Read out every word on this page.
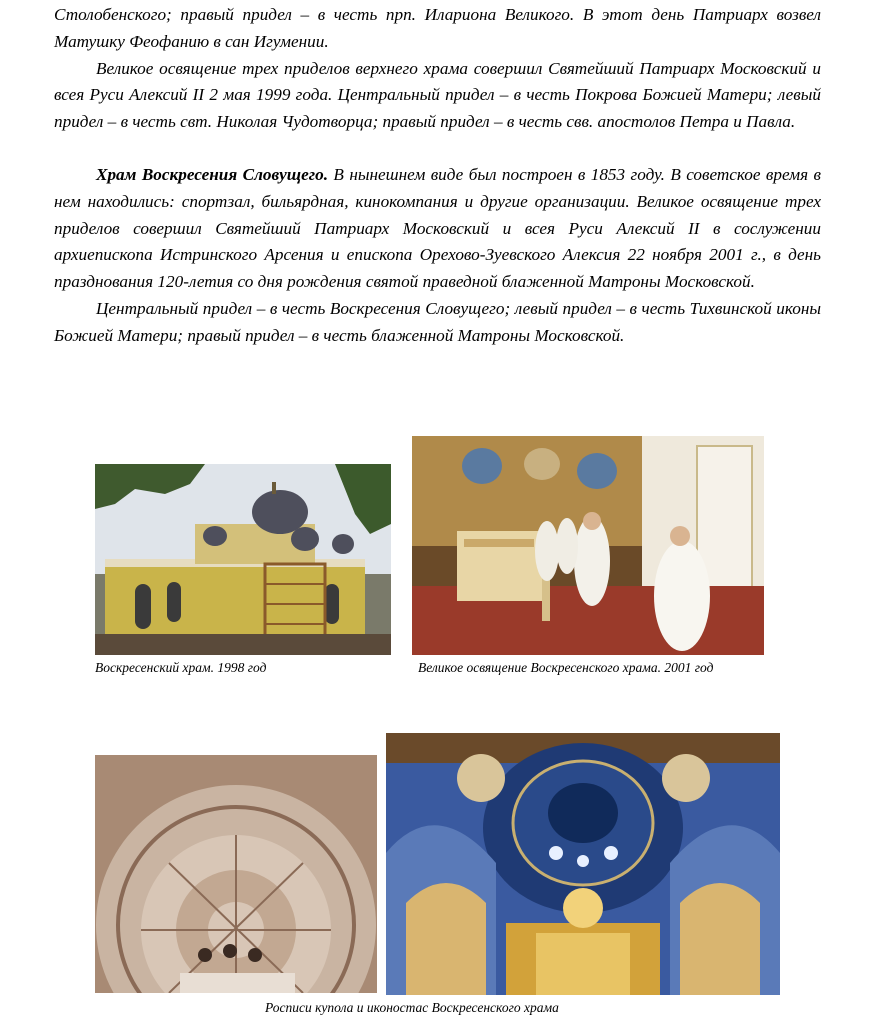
Столобенского; правый придел – в честь прп. Илариона Великого. В этот день Патриарх возвел Матушку Феофанию в сан Игумении.

Великое освящение трех приделов верхнего храма совершил Святейший Патриарх Московский и всея Руси Алексий II 2 мая 1999 года. Центральный придел – в честь Покрова Божией Матери; левый придел – в честь свт. Николая Чудотворца; правый придел – в честь свв. апостолов Петра и Павла.

Храм Воскресения Словущего. В нынешнем виде был построен в 1853 году. В советское время в нем находились: спортзал, бильярдная, кинокомпания и другие организации. Великое освящение трех приделов совершил Святейший Патриарх Московский и всея Руси Алексий II в сослужении архиепископа Истринского Арсения и епископа Орехово-Зуевского Алексия 22 ноября 2001 г., в день празднования 120-летия со дня рождения святой праведной блаженной Матроны Московской.

Центральный придел – в честь Воскресения Словущего; левый придел – в честь Тихвинской иконы Божией Матери; правый придел – в честь блаженной Матроны Московской.

Воскресенский храм. 1998 год	Великое освящение Воскресенского храма. 2001 год
Росписи купола и иконостас Воскресенского храма
